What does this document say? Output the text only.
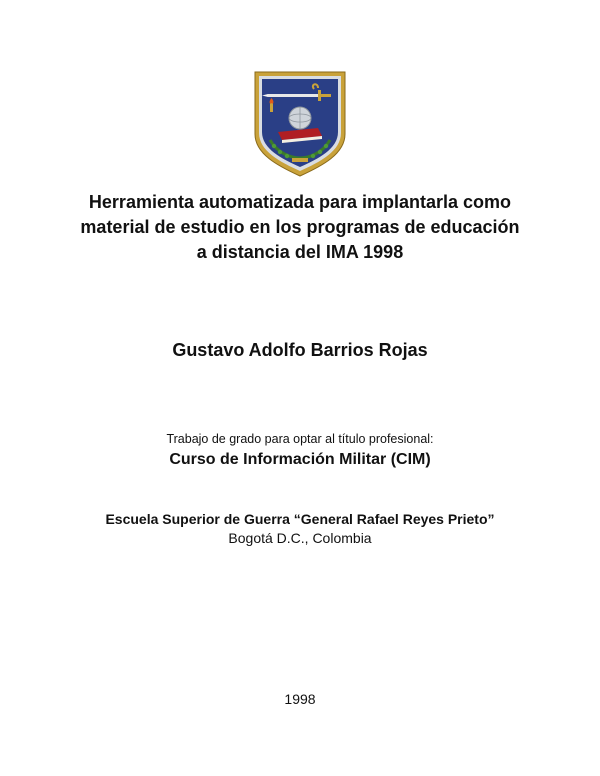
Herramienta automatizada para implantarla como
material de estudio en los programas de educación
a distancia del IMA 1998
Gustavo Adolfo Barrios Rojas
Trabajo de grado para optar al título profesional:
Curso de Información Militar (CIM)
Escuela Superior de Guerra “General Rafael Reyes Prieto”
Bogotá D.C., Colombia
1998
